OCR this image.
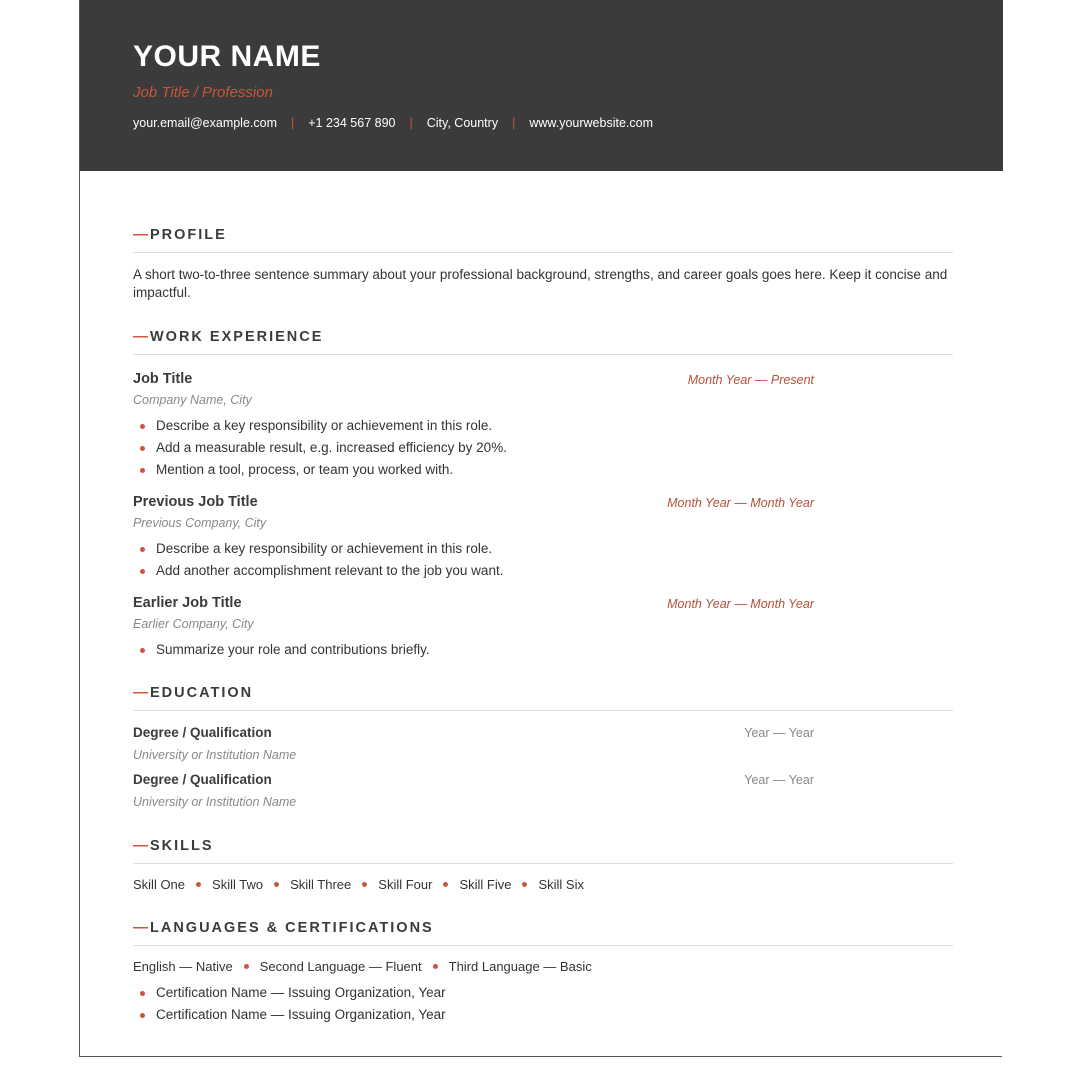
YOUR NAME
Job Title / Profession
your.email@example.com | +1 234 567 890 | City, Country | www.yourwebsite.com
— PROFILE
A short two-to-three sentence summary about your professional background, strengths, and career goals goes here. Keep it concise and impactful.
— WORK EXPERIENCE
Job Title	Month Year — Present
Company Name, City
Describe a key responsibility or achievement in this role.
Add a measurable result, e.g. increased efficiency by 20%.
Mention a tool, process, or team you worked with.
Previous Job Title	Month Year — Month Year
Previous Company, City
Describe a key responsibility or achievement in this role.
Add another accomplishment relevant to the job you want.
Earlier Job Title	Month Year — Month Year
Earlier Company, City
Summarize your role and contributions briefly.
— EDUCATION
Degree / Qualification	Year — Year
University or Institution Name
Degree / Qualification	Year — Year
University or Institution Name
— SKILLS
Skill One Skill Two Skill Three Skill Four Skill Five Skill Six
— LANGUAGES & CERTIFICATIONS
English — Native Second Language — Fluent Third Language — Basic
Certification Name — Issuing Organization, Year
Certification Name — Issuing Organization, Year
